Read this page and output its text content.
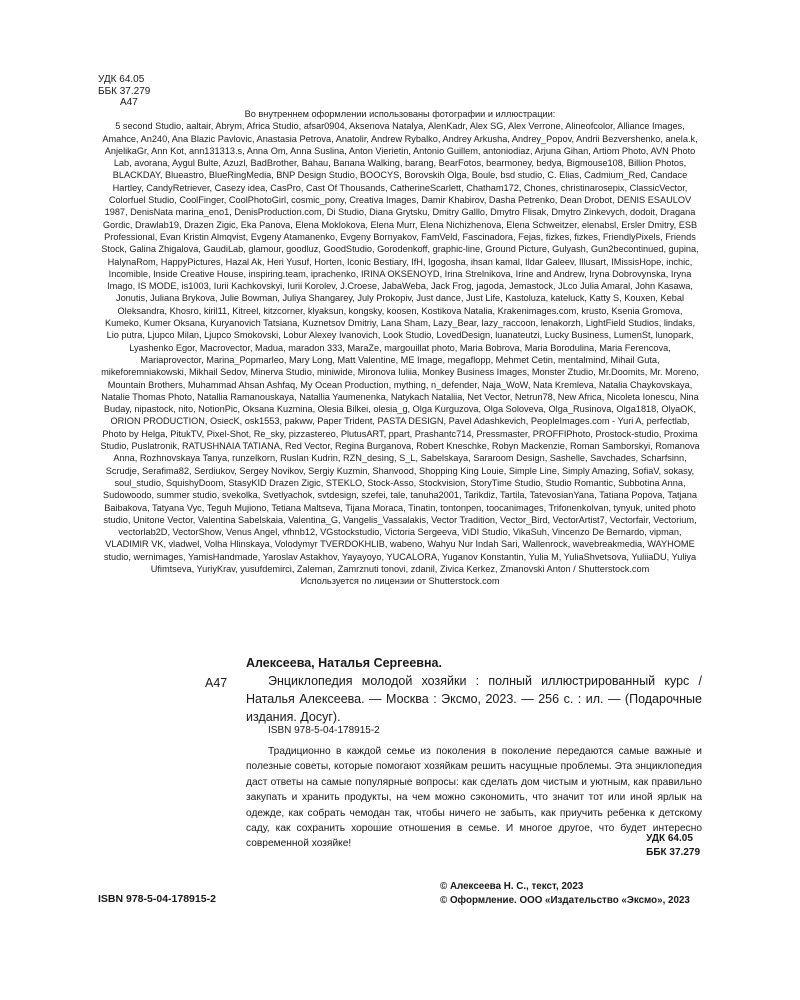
УДК 64.05
ББК 37.279
А47

Во внутреннем оформлении использованы фотографии и иллюстрации:

5 second Studio, aaltair, Abrym, Africa Studio, afsar0904, Aksenova Natalya, AlenKadr, Alex SG, Alex Verrone, Alineofcolor, Alliance Images, Amahce, An240, Ana Blazic Pavlovic, Anastasia Petrova, Anatolir, Andrew Rybalko, Andrey Arkusha, Andrey_Popov, Andrii Bezvershenko, anela.k, AnjelikaGr, Ann Kot, ann131313.s, Anna Om, Anna Suslina, Anton Vierietin, Antonio Guillem, antoniodiaz, Arjuna Gihan, Artiom Photo, AVN Photo Lab, avorana, Aygul Bulte, Azuzl, BadBrother, Bahau, Banana Walking, barang, BearFotos, bearmoney, bedya, Bigmouse108, Billion Photos, BLACKDAY, Blueastro, BlueRingMedia, BNP Design Studio, BOOCYS, Borovskih Olga, Boule, bsd studio, C. Elias, Cadmium_Red, Candace Hartley, CandyRetriever, Casezy idea, CasPro, Cast Of Thousands, CatherineScarlett, Chatham172, Chones, christinarosepix, ClassicVector, Colorfuel Studio, CoolFinger, CoolPhotoGirl, cosmic_pony, Creativa Images, Damir Khabirov, Dasha Petrenko, Dean Drobot, DENIS ESAULOV 1987, DenisNata marina_eno1, DenisProduction.com, Di Studio, Diana Grytsku, Dmitry Galllo, Dmytro Flisak, Dmytro Zinkevych, dodoit, Dragana Gordic, Drawlab19, Drazen Zigic, Eka Panova, Elena Moklokova, Elena Murr, Elena Nichizhenova, Elena Schweitzer, elenabsl, Ersler Dmitry, ESB Professional, Evan Kristin Almqvist, Evgeny Atamanenko, Evgeny Bornyakov, FamVeld, Fascinadora, Fejas, fizkes, fizkes, FriendlyPixels, Friends Stock, Galina Zhigalova, GaudiLab, glamour, goodluz, GoodStudio, Gorodenkoff, graphic-line, Ground Picture, Gulyash, Gun2becontinued, gupina, HalynaRom, HappyPictures, Hazal Ak, Heri Yusuf, Horten, Iconic Bestiary, IfH, Igogosha, ihsan kamal, Ildar Galeev, Illusart, IMissisHope, inchic, Incomible, Inside Creative House, inspiring.team, iprachenko, IRINA OKSENOYD, Irina Strelnikova, Irine and Andrew, Iryna Dobrovynska, Iryna Imago, IS MODE, is1003, Iurii Kachkovskyi, Iurii Korolev, J.Croese, JabaWeba, Jack Frog, jagoda, Jemastock, JLco Julia Amaral, John Kasawa, Jonutis, Juliana Brykova, Julie Bowman, Juliya Shangarey, July Prokopiv, Just dance, Just Life, Kastoluza, kateluck, Katty S, Kouxen, Kebal Oleksandra, Khosro, kiril11, Kitreel, kitzcorner, klyaksun, kongsky, koosen, Kostikova Natalia, Krakenimages.com, krusto, Ksenia Gromova, Kumeko, Kumer Oksana, Kuryanovich Tatsiana, Kuznetsov Dmitriy, Lana Sham, Lazy_Bear, lazy_raccoon, lenakorzh, LightField Studios, lindaks, Lio putra, Ljupco Milan, Ljupco Smokovski, Lobur Alexey Ivanovich, Look Studio, LovedDesign, luanateutzi, Lucky Business, LumenSt, lunopark, Lyashenko Egor, Macrovector, Madua, maradon 333, MaraZe, margouillat photo, Maria Bobrova, Maria Borodulina, Maria Ferencova, Mariaprovector, Marina_Popmarleo, Mary Long, Matt Valentine, ME Image, megaflopp, Mehmet Cetin, mentalmind, Mihail Guta, mikeforemniakowski, Mikhail Sedov, Minerva Studio, miniwide, Mironova Iuliia, Monkey Business Images, Monster Ztudio, Mr.Doomits, Mr. Moreno, Mountain Brothers, Muhammad Ahsan Ashfaq, My Ocean Production, mything, n_defender, Naja_WoW, Nata Kremleva, Natalia Chaykovskaya, Natalie Thomas Photo, Natallia Ramanouskaya, Natallia Yaumenenka, Natykach Nataliia, Net Vector, Netrun78, New Africa, Nicoleta Ionescu, Nina Buday, nipastock, nito, NotionPic, Oksana Kuzmina, Olesia Bilkei, olesia_g, Olga Kurguzova, Olga Soloveva, Olga_Rusinova, Olga1818, OlyaOK, ORION PRODUCTION, OsiecK, osk1553, pakww, Paper Trident, PASTA DESIGN, Pavel Adashkevich, PeopleImages.com - Yuri A, perfectlab, Photo by Helga, PitukTV, Pixel-Shot, Re_sky, pizzastereo, PlutusART, ppart, Prashantc714, Pressmaster, PROFFIPhoto, Prostock-studio, Proxima Studio, Puslatronik, RATUSHNAIA TATIANA, Red Vector, Regina Burganova, Robert Kneschke, Robyn Mackenzie, Roman Samborskyi, Romanova Anna, Rozhnovskaya Tanya, runzelkorn, Ruslan Kudrin, RZN_desing, S_L, Sabelskaya, Sararoom Design, Sashelle, Savchades, Scharfsinn, Scrudje, Serafima82, Serdiukov, Sergey Novikov, Sergiy Kuzmin, Shanvood, Shopping King Louie, Simple Line, Simply Amazing, SofiaV, sokasy, soul_studio, SquishyDoom, StasyKID Drazen Zigic, STEKLO, Stock-Asso, Stockvision, StoryTime Studio, Studio Romantic, Subbotina Anna, Sudowoodo, summer studio, svekolka, Svetlyachok, svtdesign, szefei, tale, tanuha2001, Tarikdiz, Tartila, TatevosianYana, Tatiana Popova, Tatjana Baibakova, Tatyana Vyc, Teguh Mujiono, Tetiana Maltseva, Tijana Moraca, Tinatin, tontonpen, toocanimages, Trifonenkolvan, tynyuk, united photo studio, Unitone Vector, Valentina Sabelskaia, Valentina_G, Vangelis_Vassalakis, Vector Tradition, Vector_Bird, VectorArtist7, Vectorfair, Vectorium, vectorlab2D, VectorShow, Venus Angel, vfhnb12, VGstockstudio, Victoria Sergeeva, ViDI Studio, VikaSuh, Vincenzo De Bernardo, vipman, VLADIMIR VK, vladwel, Volha Hlinskaya, Volodymyr TVERDOKHLIB, wabeno, Wahyu Nur Indah Sari, Wallenrock, wavebreakmedia, WAYHOME studio, wernimages, YamisHandmade, Yaroslav Astakhov, Yayayoyo, YUCALORA, Yuganov Konstantin, Yulia M, YuliaShvetsova, YuliiaDU, Yuliya Ufimtseva, YuriyKrav, yusufdemirci, Zaleman, Zamrznuti tonovi, zdanil, Zivica Kerkez, Zmanovski Anton / Shutterstock.com

Используется по лицензии от Shutterstock.com

Алексеева, Наталья Сергеевна.
А47	Энциклопедия молодой хозяйки : полный иллюстрированный курс / Наталья Алексеева. — Москва : Эксмо, 2023. — 256 с. : ил. — (Подарочные издания. Досуг).

ISBN 978-5-04-178915-2

Традиционно в каждой семье из поколения в поколение передаются самые важные и полезные советы, которые помогают хозяйкам решить насущные проблемы. Эта энциклопедия даст ответы на самые популярные вопросы: как сделать дом чистым и уютным, как правильно закупать и хранить продукты, на чем можно сэкономить, что значит тот или иной ярлык на одежде, как собрать чемодан так, чтобы ничего не забыть, как приучить ребенка к детскому саду, как сохранить хорошие отношения в семье. И многое другое, что будет интересно современной хозяйке!	УДК 64.05
ББК 37.279
ISBN 978-5-04-178915-2
© Алексеева Н. С., текст, 2023
© Оформление. ООО «Издательство «Эксмо», 2023
